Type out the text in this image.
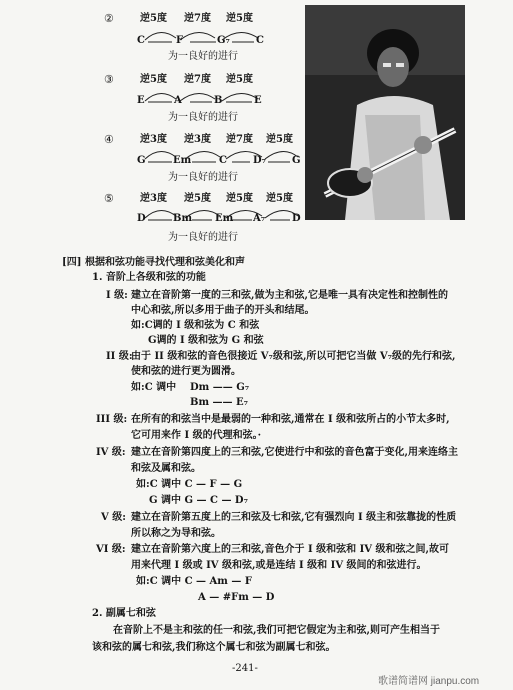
②	逆5度 逆7度 逆5度
C	F	G₇	C
为一良好的进行
③	逆5度 逆7度 逆5度
E	A	B	E
为一良好的进行
④	逆3度 逆3度 逆7度 逆5度
G	Em	C	D₇	G
为一良好的进行
⑤	逆3度 逆5度 逆5度 逆5度
D	Bm Em A₇	D
为一良好的进行
[四] 根据和弦功能寻找代理和弦美化和声
1. 音阶上各级和弦的功能
I 级: 建立在音阶第一度的三和弦,做为主和弦,它是唯一具有决定性和控制性的
中心和弦,所以多用于曲子的开头和结尾。
如:C调的 I 级和弦为 C 和弦
G调的 I 级和弦为 G 和弦
II 级:
由于 II 级和弦的音色很接近 V₇级和弦,所以可把它当做 V₇级的先行和弦,
使和弦的进行更为圆滑。
如:C 调中 Dm —— G₇
Bm —— E₇
III 级: 在所有的和弦当中是最弱的一种和弦,通常在 I 级和弦所占的小节太多时,
它可用来作 I 级的代理和弦。·
IV 级: 建立在音阶第四度上的三和弦,它使进行中和弦的音色富于变化,用来连络主
和弦及属和弦。
如:C 调中 C — F — G
G 调中 G — C — D₇
V 级: 建立在音阶第五度上的三和弦及七和弦,它有强烈向 I 级主和弦靠拢的性质
所以称之为导和弦。
VI 级: 建立在音阶第六度上的三和弦,音色介于 I 级和弦和 IV 级和弦之间,故可
用来代理 I 级或 IV 级和弦,或是连结 I 级和 IV 级间的和弦进行。
如:C 调中 C — Am — F
A — #Fm — D
2. 副属七和弦
在音阶上不是主和弦的任一和弦,我们可把它假定为主和弦,则可产生相当于
该和弦的属七和弦,我们称这个属七和弦为副属七和弦。
-241-
歌谱简谱网 jianpu.com
